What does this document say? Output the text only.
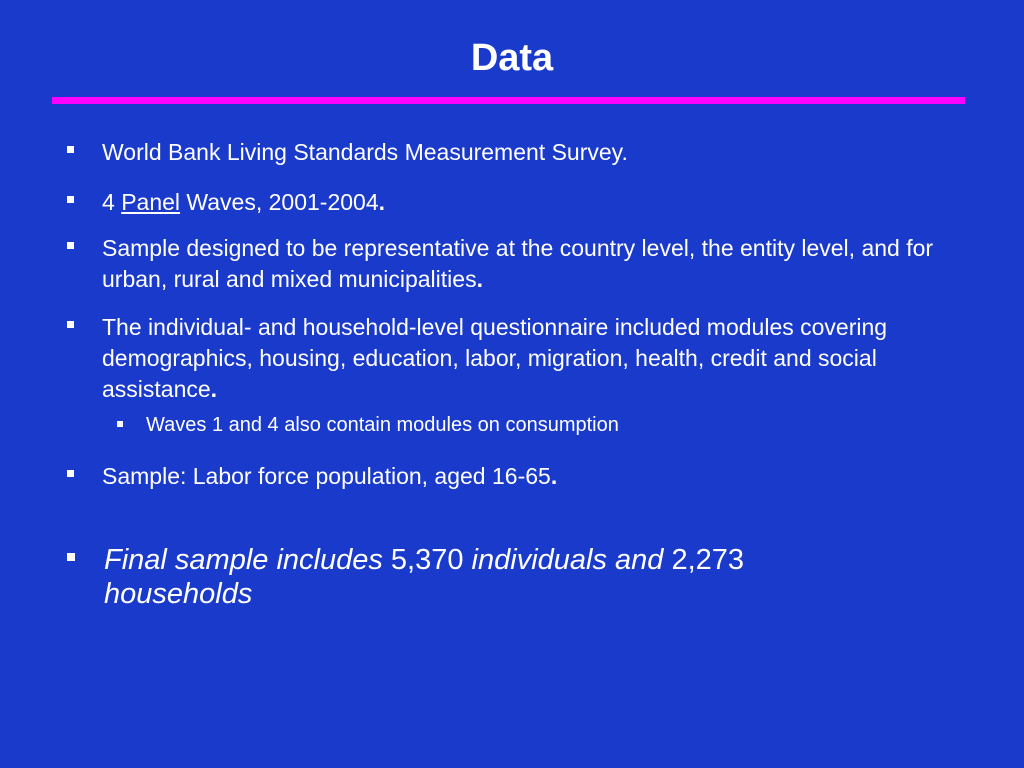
Data
World Bank Living Standards Measurement Survey.
4 Panel Waves, 2001-2004.
Sample designed to be representative at the country level, the entity level, and for urban, rural and mixed municipalities.
The individual- and household-level questionnaire included modules covering demographics, housing, education, labor, migration, health, credit and social assistance.
Waves 1 and 4 also contain modules on consumption
Sample: Labor force population, aged 16-65.
Final sample includes 5,370 individuals and 2,273
households
